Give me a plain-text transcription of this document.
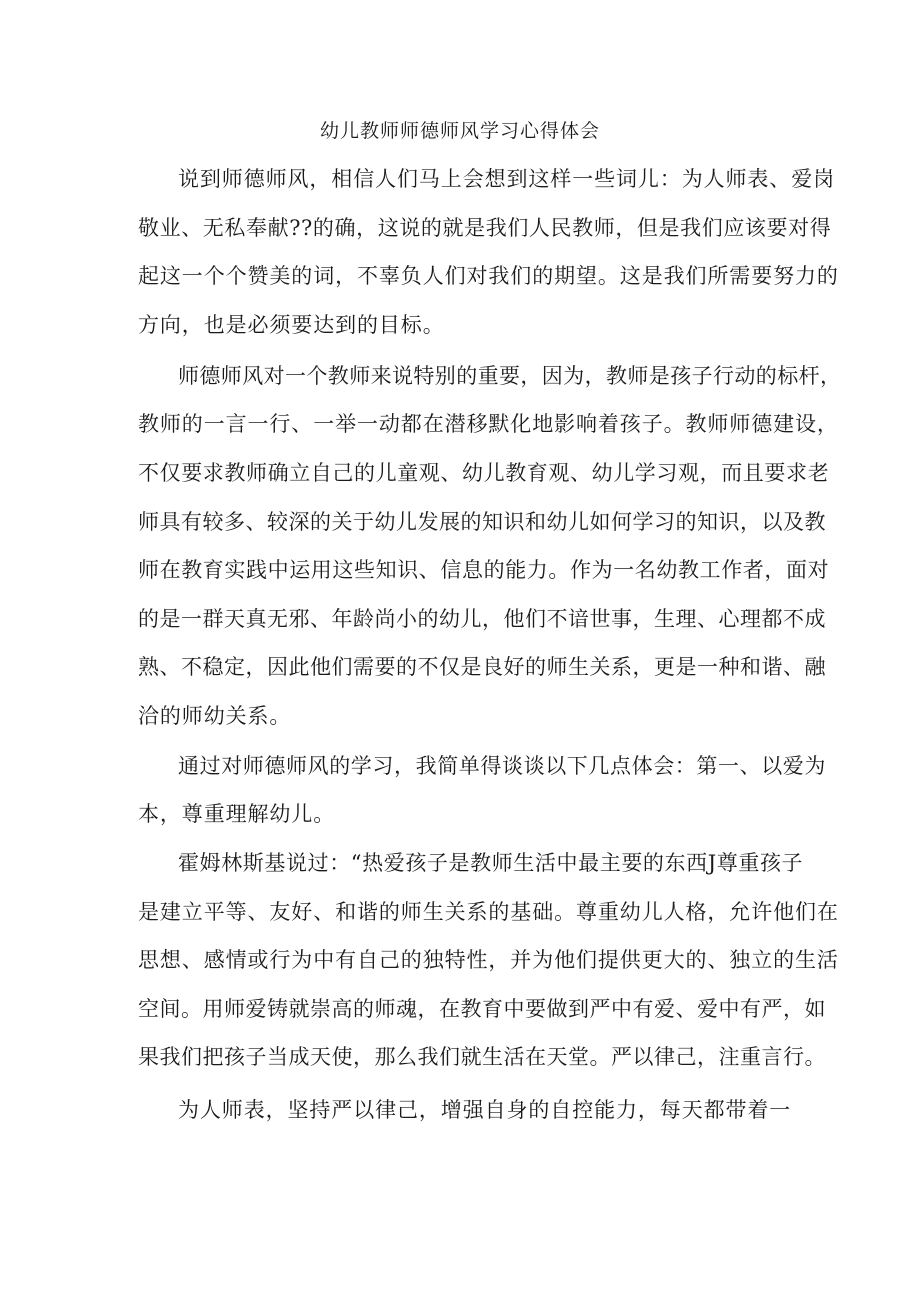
幼儿教师师德师风学习心得体会

说到师德师风，相信人们马上会想到这样一些词儿：为人师表、爱岗

敬业、无私奉献??的确，这说的就是我们人民教师，但是我们应该要对得

起这一个个赞美的词，不辜负人们对我们的期望。这是我们所需要努力的

方向，也是必须要达到的目标。

师德师风对一个教师来说特别的重要，因为，教师是孩子行动的标杆，

教师的一言一行、一举一动都在潜移默化地影响着孩子。教师师德建设，

不仅要求教师确立自己的儿童观、幼儿教育观、幼儿学习观，而且要求老

师具有较多、较深的关于幼儿发展的知识和幼儿如何学习的知识，以及教

师在教育实践中运用这些知识、信息的能力。作为一名幼教工作者，面对

的是一群天真无邪、年龄尚小的幼儿，他们不谙世事，生理、心理都不成

熟、不稳定，因此他们需要的不仅是良好的师生关系，更是一种和谐、融

洽的师幼关系。

通过对师德师风的学习，我简单得谈谈以下几点体会：第一、以爱为

本，尊重理解幼儿。

霍姆林斯基说过：“热爱孩子是教师生活中最主要的东西J尊重孩子

是建立平等、友好、和谐的师生关系的基础。尊重幼儿人格，允许他们在

思想、感情或行为中有自己的独特性，并为他们提供更大的、独立的生活

空间。用师爱铸就崇高的师魂，在教育中要做到严中有爱、爱中有严，如

果我们把孩子当成天使，那么我们就生活在天堂。严以律己，注重言行。

为人师表，坚持严以律己，增强自身的自控能力，每天都带着一
